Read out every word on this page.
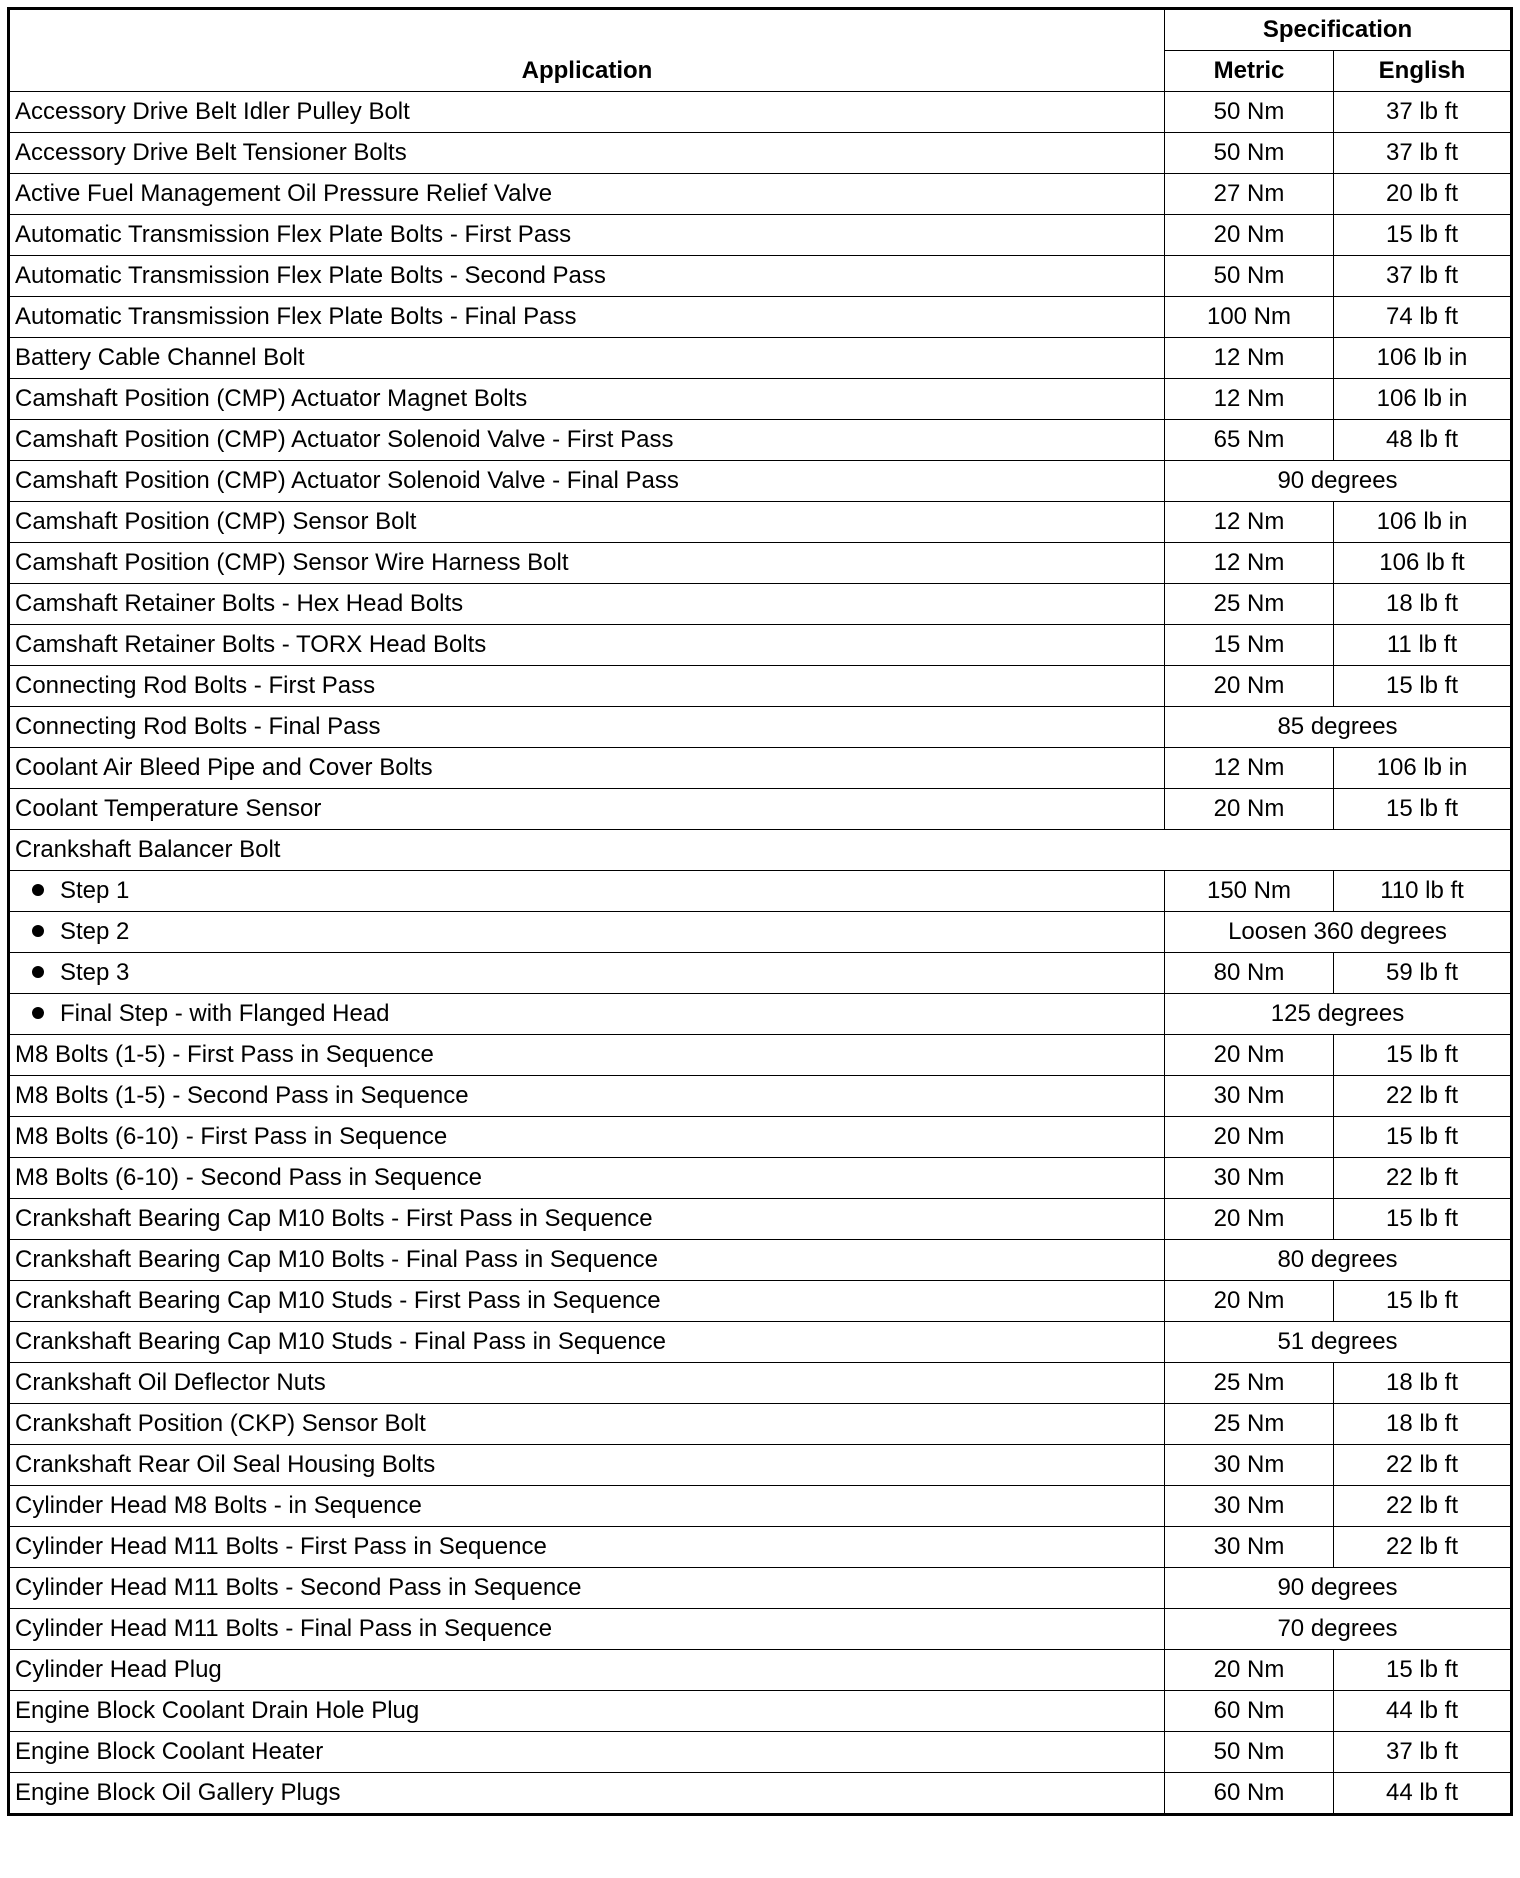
Application	Specification	
	Metric	English
Accessory Drive Belt Idler Pulley Bolt	50 Nm	37 lb ft
Accessory Drive Belt Tensioner Bolts	50 Nm	37 lb ft
Active Fuel Management Oil Pressure Relief Valve	27 Nm	20 lb ft
Automatic Transmission Flex Plate Bolts - First Pass	20 Nm	15 lb ft
Automatic Transmission Flex Plate Bolts - Second Pass	50 Nm	37 lb ft
Automatic Transmission Flex Plate Bolts - Final Pass	100 Nm	74 lb ft
Battery Cable Channel Bolt	12 Nm	106 lb in
Camshaft Position (CMP) Actuator Magnet Bolts	12 Nm	106 lb in
Camshaft Position (CMP) Actuator Solenoid Valve - First Pass	65 Nm	48 lb ft
Camshaft Position (CMP) Actuator Solenoid Valve - Final Pass	90 degrees	
Camshaft Position (CMP) Sensor Bolt	12 Nm	106 lb in
Camshaft Position (CMP) Sensor Wire Harness Bolt	12 Nm	106 lb ft
Camshaft Retainer Bolts - Hex Head Bolts	25 Nm	18 lb ft
Camshaft Retainer Bolts - TORX Head Bolts	15 Nm	11 lb ft
Connecting Rod Bolts - First Pass	20 Nm	15 lb ft
Connecting Rod Bolts - Final Pass	85 degrees	
Coolant Air Bleed Pipe and Cover Bolts	12 Nm	106 lb in
Coolant Temperature Sensor	20 Nm	15 lb ft
Crankshaft Balancer Bolt		
Step 1	150 Nm	110 lb ft
Step 2	Loosen 360 degrees	
Step 3	80 Nm	59 lb ft
Final Step - with Flanged Head	125 degrees	
M8 Bolts (1-5) - First Pass in Sequence	20 Nm	15 lb ft
M8 Bolts (1-5) - Second Pass in Sequence	30 Nm	22 lb ft
M8 Bolts (6-10) - First Pass in Sequence	20 Nm	15 lb ft
M8 Bolts (6-10) - Second Pass in Sequence	30 Nm	22 lb ft
Crankshaft Bearing Cap M10 Bolts - First Pass in Sequence	20 Nm	15 lb ft
Crankshaft Bearing Cap M10 Bolts - Final Pass in Sequence	80 degrees	
Crankshaft Bearing Cap M10 Studs - First Pass in Sequence	20 Nm	15 lb ft
Crankshaft Bearing Cap M10 Studs - Final Pass in Sequence	51 degrees	
Crankshaft Oil Deflector Nuts	25 Nm	18 lb ft
Crankshaft Position (CKP) Sensor Bolt	25 Nm	18 lb ft
Crankshaft Rear Oil Seal Housing Bolts	30 Nm	22 lb ft
Cylinder Head M8 Bolts - in Sequence	30 Nm	22 lb ft
Cylinder Head M11 Bolts - First Pass in Sequence	30 Nm	22 lb ft
Cylinder Head M11 Bolts - Second Pass in Sequence	90 degrees	
Cylinder Head M11 Bolts - Final Pass in Sequence	70 degrees	
Cylinder Head Plug	20 Nm	15 lb ft
Engine Block Coolant Drain Hole Plug	60 Nm	44 lb ft
Engine Block Coolant Heater	50 Nm	37 lb ft
Engine Block Oil Gallery Plugs	60 Nm	44 lb ft
